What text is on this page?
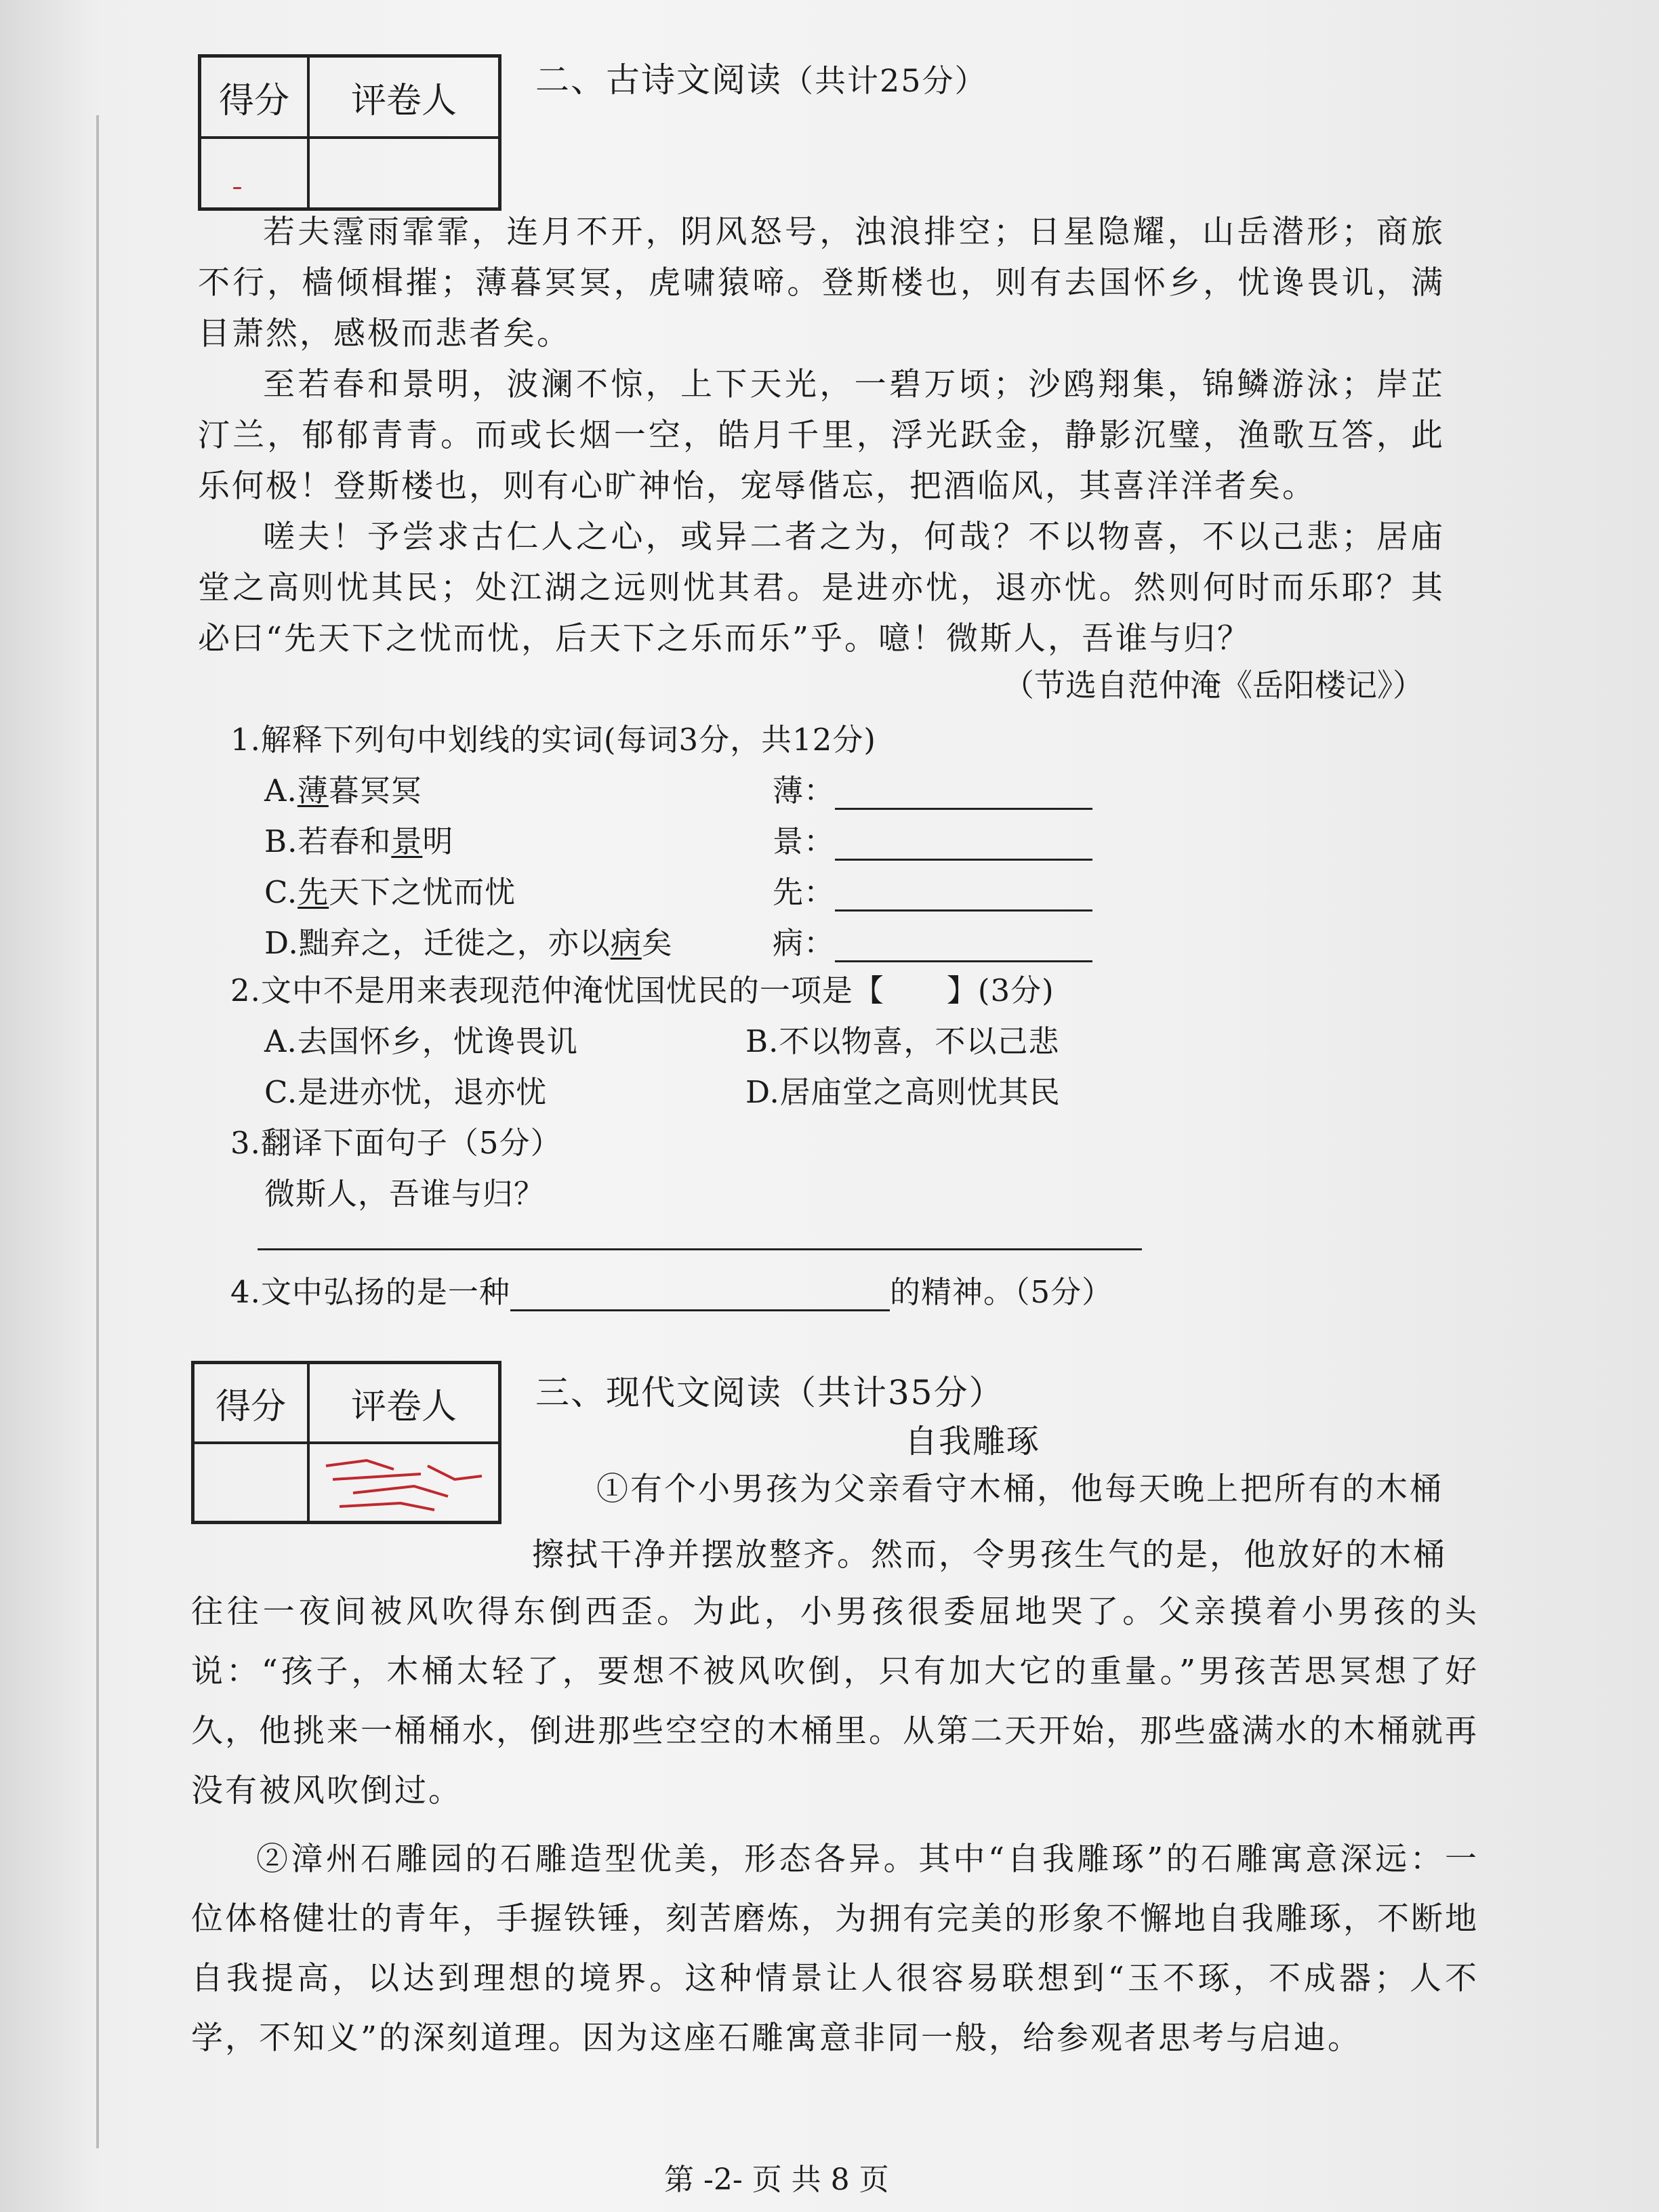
得分	评卷人
ˉ
二、古诗文阅读（共计25分）
若夫霪雨霏霏，连月不开，阴风怒号，浊浪排空；日星隐耀，山岳潜形；商旅不行，樯倾楫摧；薄暮冥冥，虎啸猿啼。登斯楼也，则有去国怀乡，忧谗畏讥，满目萧然，感极而悲者矣。
至若春和景明，波澜不惊，上下天光，一碧万顷；沙鸥翔集，锦鳞游泳；岸芷汀兰，郁郁青青。而或长烟一空，皓月千里，浮光跃金，静影沉璧，渔歌互答，此乐何极！登斯楼也，则有心旷神怡，宠辱偕忘，把酒临风，其喜洋洋者矣。
嗟夫！予尝求古仁人之心，或异二者之为，何哉？不以物喜，不以己悲；居庙堂之高则忧其民；处江湖之远则忧其君。是进亦忧，退亦忧。然则何时而乐耶？其必曰“先天下之忧而忧，后天下之乐而乐”乎。噫！微斯人，吾谁与归？
（节选自范仲淹《岳阳楼记》）
1.解释下列句中划线的实词(每词3分，共12分)
A.薄暮冥冥	薄：
B.若春和景明	景：
C.先天下之忧而忧	先：
D.黜弃之，迁徙之，亦以病矣	病：
2.文中不是用来表现范仲淹忧国忧民的一项是【　　】(3分)
A.去国怀乡，忧谗畏讥	B.不以物喜，不以己悲
C.是进亦忧，退亦忧	D.居庙堂之高则忧其民
3.翻译下面句子（5分）
微斯人，吾谁与归？
4.文中弘扬的是一种	的精神。（5分）
得分	评卷人	三、现代文阅读（共计35分）
自我雕琢
①有个小男孩为父亲看守木桶，他每天晚上把所有的木桶
擦拭干净并摆放整齐。然而，令男孩生气的是，他放好的木桶
往往一夜间被风吹得东倒西歪。为此，小男孩很委屈地哭了。父亲摸着小男孩的头说：“孩子，木桶太轻了，要想不被风吹倒，只有加大它的重量。”男孩苦思冥想了好久，他挑来一桶桶水，倒进那些空空的木桶里。从第二天开始，那些盛满水的木桶就再没有被风吹倒过。
②漳州石雕园的石雕造型优美，形态各异。其中“自我雕琢”的石雕寓意深远：一位体格健壮的青年，手握铁锤，刻苦磨炼，为拥有完美的形象不懈地自我雕琢，不断地自我提高，以达到理想的境界。这种情景让人很容易联想到“玉不琢，不成器；人不学，不知义”的深刻道理。因为这座石雕寓意非同一般，给参观者思考与启迪。
第 -2- 页 共 8 页
